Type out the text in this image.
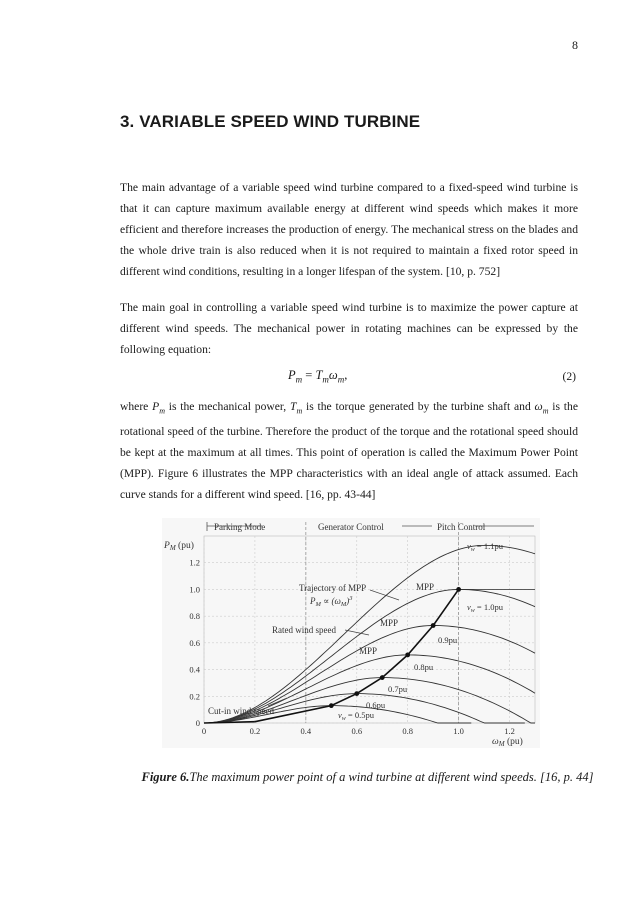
8
3. VARIABLE SPEED WIND TURBINE
The main advantage of a variable speed wind turbine compared to a fixed-speed wind turbine is that it can capture maximum available energy at different wind speeds which makes it more efficient and therefore increases the production of energy. The mechanical stress on the blades and the whole drive train is also reduced when it is not required to maintain a fixed rotor speed in different wind conditions, resulting in a longer lifespan of the system. [10, p. 752]
The main goal in controlling a variable speed wind turbine is to maximize the power capture at different wind speeds. The mechanical power in rotating machines can be expressed by the following equation:
$P_m = T_m\omega_m$,	(2)
where $P_m$ is the mechanical power, $T_m$ is the torque generated by the turbine shaft and $\omega_m$ is the rotational speed of the turbine. Therefore the product of the torque and the rotational speed should be kept at the maximum at all times. This point of operation is called the Maximum Power Point (MPP). Figure 6 illustrates the MPP characteristics with an ideal angle of attack assumed. Each curve stands for a different wind speed. [16, pp. 43-44]
Parking Mode	Generator Control	Pitch Control
0
0.2
0.4
0.6
0.8
1.0
1.2
0	0.2	0.4	0.6	0.8	1.0	1.2
$P_M$ (pu)
$\omega_M$ (pu)
Trajectory of MPP
$P_M \propto (\omega_M)^3$
Rated wind speed
Cut-in wind speed
MPP
MPP
MPP
$v_w = 1.1pu$
$v_w = 1.0pu$
0.9pu
0.8pu
0.7pu
0.6pu
$v_w = 0.5pu$
Figure 6.The maximum power point of a wind turbine at different wind speeds. [16, p. 44]
